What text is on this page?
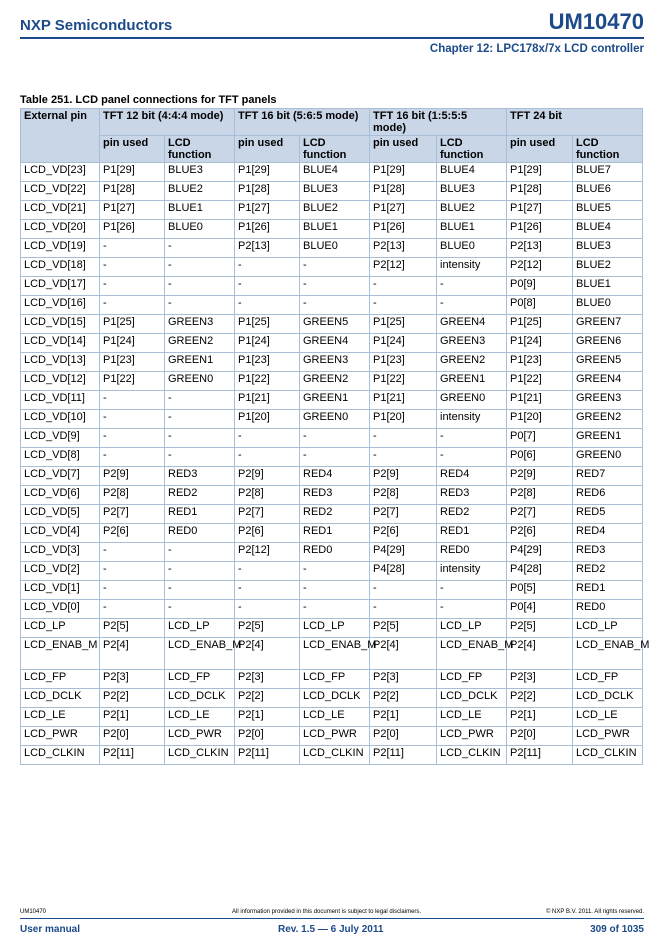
NXP Semiconductors	UM10470
Chapter 12: LPC178x/7x LCD controller
Table 251. LCD panel connections for TFT panels
External pin	TFT 12 bit (4:4:4 mode)		TFT 16 bit (5:6:5 mode)		TFT 16 bit (1:5:5:5 mode)		TFT 24 bit	
	pin used	LCD function	pin used	LCD function	pin used	LCD function	pin used	LCD function
LCD_VD[23]	P1[29]	BLUE3	P1[29]	BLUE4	P1[29]	BLUE4	P1[29]	BLUE7
LCD_VD[22]	P1[28]	BLUE2	P1[28]	BLUE3	P1[28]	BLUE3	P1[28]	BLUE6
LCD_VD[21]	P1[27]	BLUE1	P1[27]	BLUE2	P1[27]	BLUE2	P1[27]	BLUE5
LCD_VD[20]	P1[26]	BLUE0	P1[26]	BLUE1	P1[26]	BLUE1	P1[26]	BLUE4
LCD_VD[19]	-	-	P2[13]	BLUE0	P2[13]	BLUE0	P2[13]	BLUE3
LCD_VD[18]	-	-	-	-	P2[12]	intensity	P2[12]	BLUE2
LCD_VD[17]	-	-	-	-	-	-	P0[9]	BLUE1
LCD_VD[16]	-	-	-	-	-	-	P0[8]	BLUE0
LCD_VD[15]	P1[25]	GREEN3	P1[25]	GREEN5	P1[25]	GREEN4	P1[25]	GREEN7
LCD_VD[14]	P1[24]	GREEN2	P1[24]	GREEN4	P1[24]	GREEN3	P1[24]	GREEN6
LCD_VD[13]	P1[23]	GREEN1	P1[23]	GREEN3	P1[23]	GREEN2	P1[23]	GREEN5
LCD_VD[12]	P1[22]	GREEN0	P1[22]	GREEN2	P1[22]	GREEN1	P1[22]	GREEN4
LCD_VD[11]	-	-	P1[21]	GREEN1	P1[21]	GREEN0	P1[21]	GREEN3
LCD_VD[10]	-	-	P1[20]	GREEN0	P1[20]	intensity	P1[20]	GREEN2
LCD_VD[9]	-	-	-	-	-	-	P0[7]	GREEN1
LCD_VD[8]	-	-	-	-	-	-	P0[6]	GREEN0
LCD_VD[7]	P2[9]	RED3	P2[9]	RED4	P2[9]	RED4	P2[9]	RED7
LCD_VD[6]	P2[8]	RED2	P2[8]	RED3	P2[8]	RED3	P2[8]	RED6
LCD_VD[5]	P2[7]	RED1	P2[7]	RED2	P2[7]	RED2	P2[7]	RED5
LCD_VD[4]	P2[6]	RED0	P2[6]	RED1	P2[6]	RED1	P2[6]	RED4
LCD_VD[3]	-	-	P2[12]	RED0	P4[29]	RED0	P4[29]	RED3
LCD_VD[2]	-	-	-	-	P4[28]	intensity	P4[28]	RED2
LCD_VD[1]	-	-	-	-	-	-	P0[5]	RED1
LCD_VD[0]	-	-	-	-	-	-	P0[4]	RED0
LCD_LP	P2[5]	LCD_LP	P2[5]	LCD_LP	P2[5]	LCD_LP	P2[5]	LCD_LP
LCD_ENAB_M	P2[4]	LCD_ENAB_M	P2[4]	LCD_ENAB_M	P2[4]	LCD_ENAB_M	P2[4]	LCD_ENAB_M
LCD_FP	P2[3]	LCD_FP	P2[3]	LCD_FP	P2[3]	LCD_FP	P2[3]	LCD_FP
LCD_DCLK	P2[2]	LCD_DCLK	P2[2]	LCD_DCLK	P2[2]	LCD_DCLK	P2[2]	LCD_DCLK
LCD_LE	P2[1]	LCD_LE	P2[1]	LCD_LE	P2[1]	LCD_LE	P2[1]	LCD_LE
LCD_PWR	P2[0]	LCD_PWR	P2[0]	LCD_PWR	P2[0]	LCD_PWR	P2[0]	LCD_PWR
LCD_CLKIN	P2[11]	LCD_CLKIN	P2[11]	LCD_CLKIN	P2[11]	LCD_CLKIN	P2[11]	LCD_CLKIN
UM10470	All information provided in this document is subject to legal disclaimers.	© NXP B.V. 2011. All rights reserved.
User manual	Rev. 1.5 — 6 July 2011	309 of 1035
